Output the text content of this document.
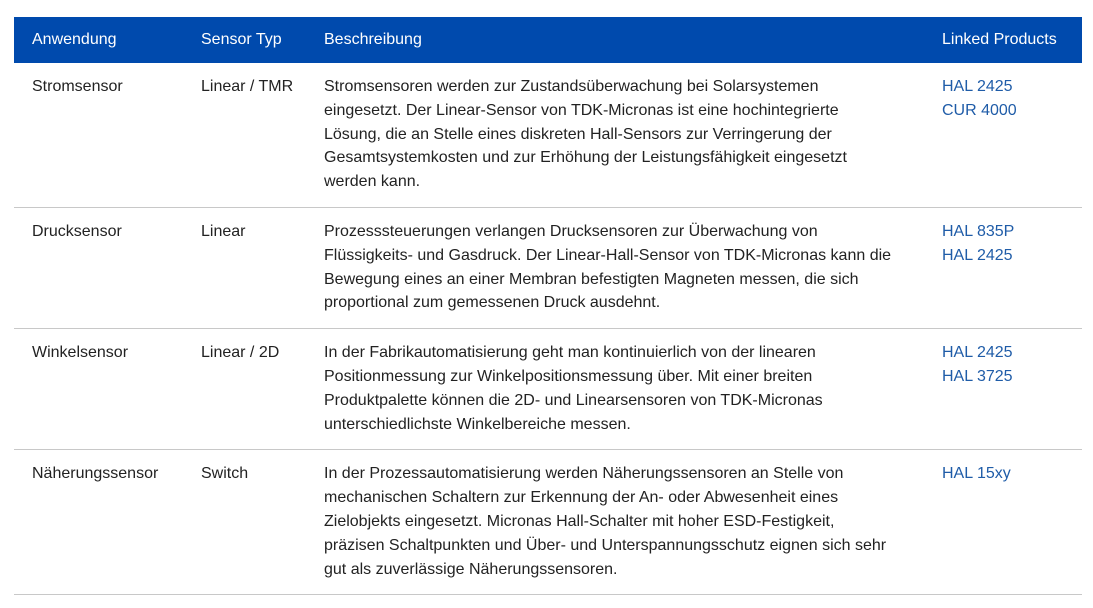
Anwendung	Sensor Typ	Beschreibung	Linked Products
Stromsensor	Linear / TMR	Stromsensoren werden zur Zustandsüberwachung bei Solarsystemen eingesetzt. Der Linear-Sensor von TDK-Micronas ist eine hochintegrierte Lösung, die an Stelle eines diskreten Hall-Sensors zur Verringerung der Gesamtsystemkosten und zur Erhöhung der Leistungsfähigkeit eingesetzt werden kann.	HAL 2425
CUR 4000

Drucksensor	Linear	Prozesssteuerungen verlangen Drucksensoren zur Überwachung von Flüssigkeits- und Gasdruck. Der Linear-Hall-Sensor von TDK-Micronas kann die Bewegung eines an einer Membran befestigten Magneten messen, die sich proportional zum gemessenen Druck ausdehnt.	HAL 835P
HAL 2425

Winkelsensor	Linear / 2D	In der Fabrikautomatisierung geht man kontinuierlich von der linearen Positionmessung zur Winkelpositionsmessung über. Mit einer breiten Produktpalette können die 2D- und Linearsensoren von TDK-Micronas unterschiedlichste Winkelbereiche messen.	HAL 2425
HAL 3725

Näherungssensor	Switch	In der Prozessautomatisierung werden Näherungssensoren an Stelle von mechanischen Schaltern zur Erkennung der An- oder Abwesenheit eines Zielobjekts eingesetzt. Micronas Hall-Schalter mit hoher ESD-Festigkeit, präzisen Schaltpunkten und Über- und Unterspannungsschutz eignen sich sehr gut als zuverlässige Näherungssensoren.	HAL 15xy
